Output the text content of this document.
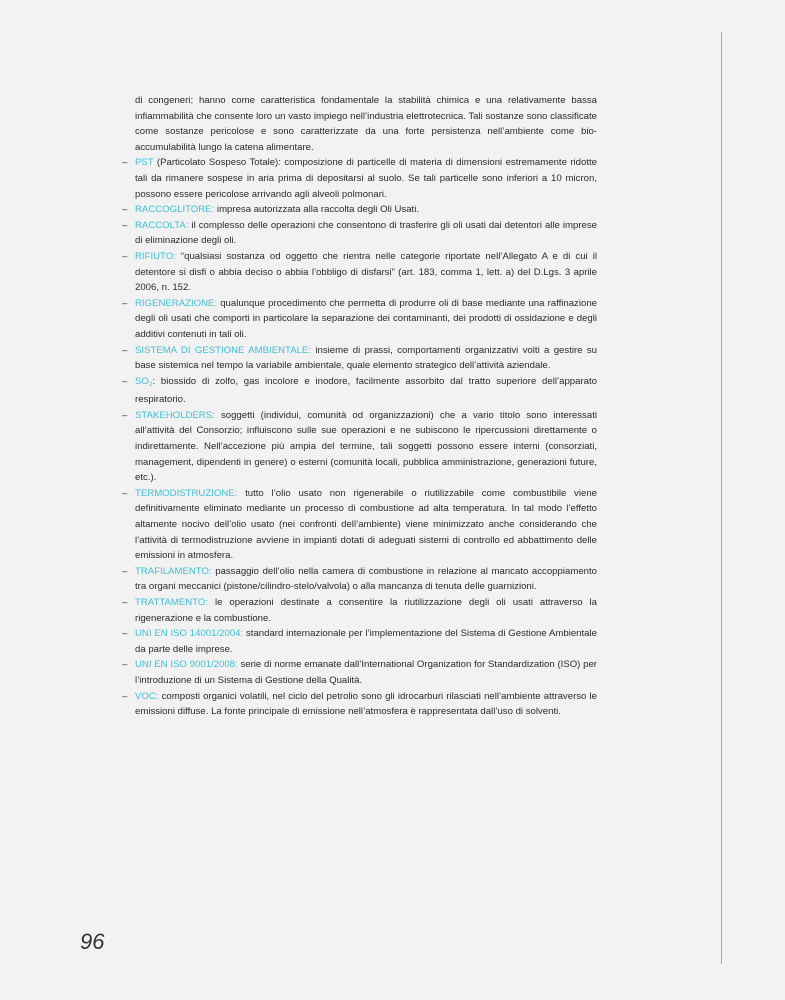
di congeneri; hanno come caratteristica fondamentale la stabilità chimica e una relativamente bassa infiammabilità che consente loro un vasto impiego nell’industria elettrotecnica. Tali sostanze sono classificate come sostanze pericolose e sono caratterizzate da una forte persistenza nell’ambiente come bio-accumulabilità lungo la catena alimentare.

– PST (Particolato Sospeso Totale): composizione di particelle di materia di dimensioni estremamente ridotte tali da rimanere sospese in aria prima di depositarsi al suolo. Se tali particelle sono inferiori a 10 micron, possono essere pericolose arrivando agli alveoli polmonari.

– RACCOGLITORE: impresa autorizzata alla raccolta degli Oli Usati.

– RACCOLTA: il complesso delle operazioni che consentono di trasferire gli oli usati dai detentori alle imprese di eliminazione degli oli.

– RIFIUTO: “qualsiasi sostanza od oggetto che rientra nelle categorie riportate nell’Allegato A e di cui il detentore si disfi o abbia deciso o abbia l’obbligo di disfarsi” (art. 183, comma 1, lett. a) del D.Lgs. 3 aprile 2006, n. 152.

– RIGENERAZIONE: qualunque procedimento che permetta di produrre oli di base mediante una raffinazione degli oli usati che comporti in particolare la separazione dei contaminanti, dei prodotti di ossidazione e degli additivi contenuti in tali oli.

– SISTEMA DI GESTIONE AMBIENTALE: insieme di prassi, comportamenti organizzativi volti a gestire su base sistemica nel tempo la variabile ambientale, quale elemento strategico dell’attività aziendale.

– $SO_2$: biossido di zolfo, gas incolore e inodore, facilmente assorbito dal tratto superiore dell’apparato respiratorio.

– STAKEHOLDERS: soggetti (individui, comunità od organizzazioni) che a vario titolo sono interessati all’attività del Consorzio; influiscono sulle sue operazioni e ne subiscono le ripercussioni direttamente o indirettamente. Nell’accezione più ampia del termine, tali soggetti possono essere interni (consorziati, management, dipendenti in genere) o esterni (comunità locali, pubblica amministrazione, generazioni future, etc.).

– TERMODISTRUZIONE: tutto l’olio usato non rigenerabile o riutilizzabile come combustibile viene definitivamente eliminato mediante un processo di combustione ad alta temperatura. In tal modo l’effetto altamente nocivo dell’olio usato (nei confronti dell’ambiente) viene minimizzato anche considerando che l’attività di termodistruzione avviene in impianti dotati di adeguati sistemi di controllo ed abbattimento delle emissioni in atmosfera.

– TRAFILAMENTO: passaggio dell’olio nella camera di combustione in relazione al mancato accoppiamento tra organi meccanici (pistone/cilindro-stelo/valvola) o alla mancanza di tenuta delle guarnizioni.

– TRATTAMENTO: le operazioni destinate a consentire la riutilizzazione degli oli usati attraverso la rigenerazione e la combustione.

– UNI EN ISO 14001/2004: standard internazionale per l’implementazione del Sistema di Gestione Ambientale da parte delle imprese.

– UNI EN ISO 9001/2008: serie di norme emanate dall’International Organization for Standardization (ISO) per l’introduzione di un Sistema di Gestione della Qualità.

– VOC: composti organici volatili, nel ciclo del petrolio sono gli idrocarburi rilasciati nell’ambiente attraverso le emissioni diffuse. La fonte principale di emissione nell’atmosfera è rappresentata dall’uso di solventi.

96
